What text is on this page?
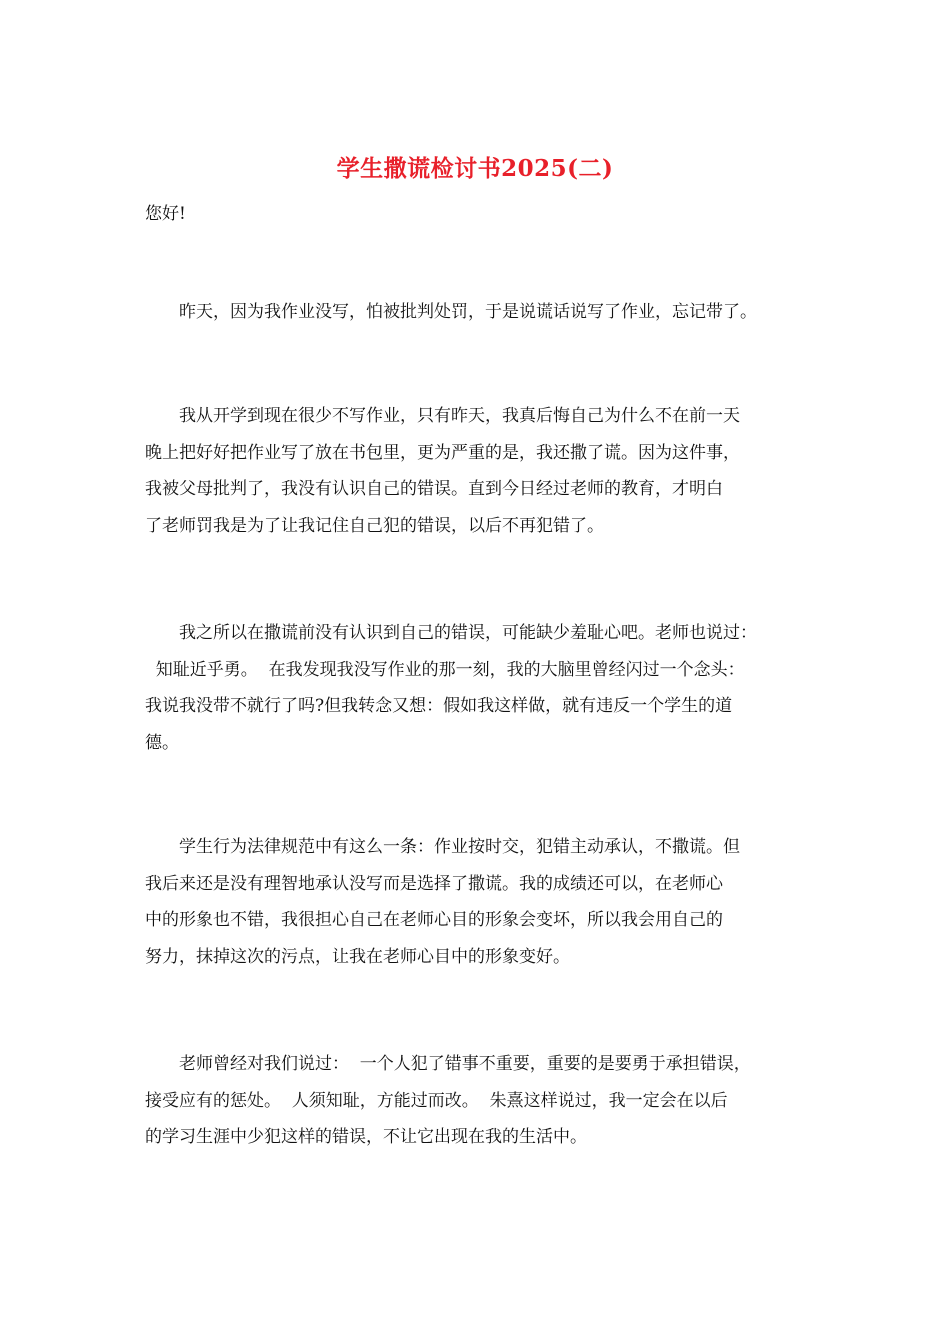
学生撒谎检讨书2025(二)
您好!
　　昨天，因为我作业没写，怕被批判处罚，于是说谎话说写了作业，忘记带了。
　　我从开学到现在很少不写作业，只有昨天，我真后悔自己为什么不在前一天
晚上把好好把作业写了放在书包里，更为严重的是，我还撒了谎。因为这件事，
我被父母批判了，我没有认识自己的错误。直到今日经过老师的教育，才明白
了老师罚我是为了让我记住自己犯的错误，以后不再犯错了。
　　我之所以在撒谎前没有认识到自己的错误，可能缺少羞耻心吧。老师也说过：
知耻近乎勇。  在我发现我没写作业的那一刻，我的大脑里曾经闪过一个念头：
我说我没带不就行了吗?但我转念又想：假如我这样做，就有违反一个学生的道
德。
　　学生行为法律规范中有这么一条：作业按时交，犯错主动承认，不撒谎。但
我后来还是没有理智地承认没写而是选择了撒谎。我的成绩还可以，在老师心
中的形象也不错，我很担心自己在老师心目的形象会变坏，所以我会用自己的
努力，抹掉这次的污点，让我在老师心目中的形象变好。
　　老师曾经对我们说过：  一个人犯了错事不重要，重要的是要勇于承担错误，
接受应有的惩处。  人须知耻，方能过而改。  朱熹这样说过，我一定会在以后
的学习生涯中少犯这样的错误，不让它出现在我的生活中。
